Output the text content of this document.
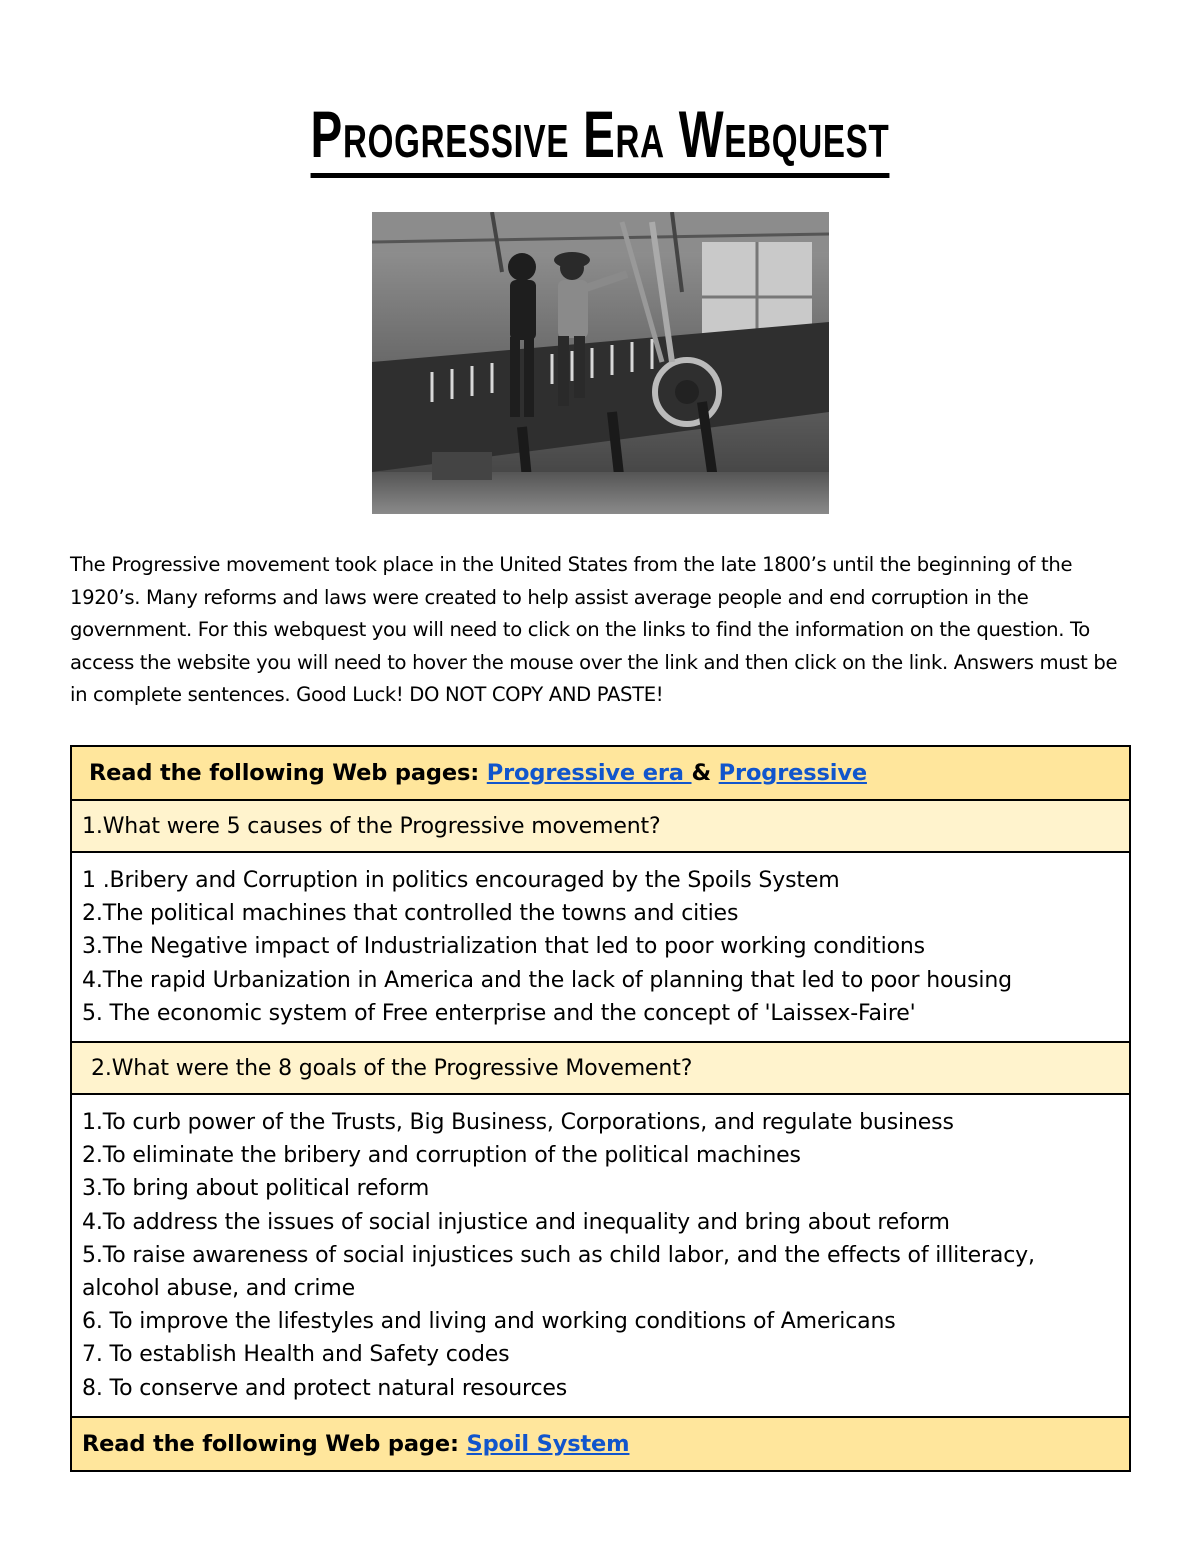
Progressive Era Webquest

The Progressive movement took place in the United States from the late 1800’s until the beginning of the 1920’s. Many reforms and laws were created to help assist average people and end corruption in the government. For this webquest you will need to click on the links to find the information on the question. To access the website you will need to hover the mouse over the link and then click on the link. Answers must be in complete sentences. Good Luck! DO NOT COPY AND PASTE!

Read the following Web pages: Progressive era & Progressive
1.What were 5 causes of the Progressive movement?

1 .Bribery and Corruption in politics encouraged by the Spoils System
2.The political machines that controlled the towns and cities
3.The Negative impact of Industrialization that led to poor working conditions
4.The rapid Urbanization in America and the lack of planning that led to poor housing
5. The economic system of Free enterprise and the concept of 'Laissex-Faire'

2.What were the 8 goals of the Progressive Movement?

1.To curb power of the Trusts, Big Business, Corporations, and regulate business
2.To eliminate the bribery and corruption of the political machines
3.To bring about political reform
4.To address the issues of social injustice and inequality and bring about reform
5.To raise awareness of social injustices such as child labor, and the effects of illiteracy, alcohol abuse, and crime
6. To improve the lifestyles and living and working conditions of Americans
7. To establish Health and Safety codes
8. To conserve and protect natural resources

Read the following Web page: Spoil System
